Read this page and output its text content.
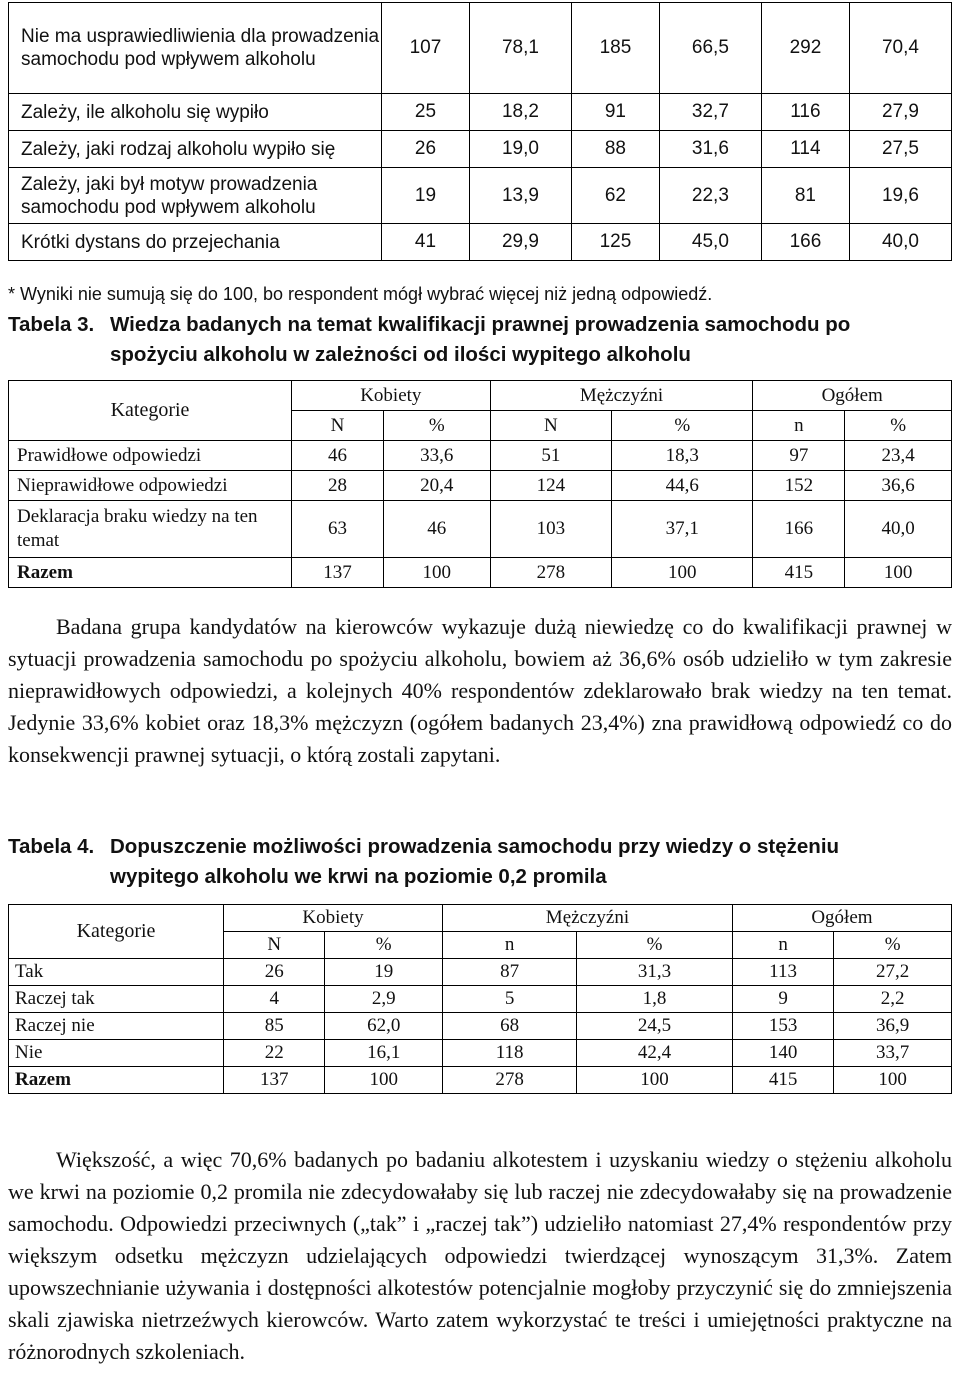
Nie ma usprawiedliwienia dla prowadzenia samochodu pod wpływem alkoholu	107	78,1	185	66,5	292	70,4
Zależy, ile alkoholu się wypiło	25	18,2	91	32,7	116	27,9
Zależy, jaki rodzaj alkoholu wypiło się	26	19,0	88	31,6	114	27,5
Zależy, jaki był motyw prowadzenia samochodu pod wpływem alkoholu	19	13,9	62	22,3	81	19,6
Krótki dystans do przejechania	41	29,9	125	45,0	166	40,0
* Wyniki nie sumują się do 100, bo respondent mógł wybrać więcej niż jedną odpowiedź.
Tabela 3. Wiedza badanych na temat kwalifikacji prawnej prowadzenia samochodu po
spożyciu alkoholu w zależności od ilości wypitego alkoholu
Kategorie	Kobiety		Mężczyźni		Ogółem	
	N	%	N	%	n	%
Prawidłowe odpowiedzi	46	33,6	51	18,3	97	23,4
Nieprawidłowe odpowiedzi	28	20,4	124	44,6	152	36,6
Deklaracja braku wiedzy na ten temat	63	46	103	37,1	166	40,0
Razem	137	100	278	100	415	100

Badana grupa kandydatów na kierowców wykazuje dużą niewiedzę co do kwalifikacji prawnej w sytuacji prowadzenia samochodu po spożyciu alkoholu, bowiem aż 36,6% osób udzieliło w tym zakresie nieprawidłowych odpowiedzi, a kolejnych 40% respondentów zdeklarowało brak wiedzy na ten temat. Jedynie 33,6% kobiet oraz 18,3% mężczyzn (ogółem badanych 23,4%) zna prawidłową odpowiedź co do konsekwencji prawnej sytuacji, o którą zostali zapytani.

Tabela 4. Dopuszczenie możliwości prowadzenia samochodu przy wiedzy o stężeniu
wypitego alkoholu we krwi na poziomie 0,2 promila
Kategorie	Kobiety		Mężczyźni		Ogółem	
	N	%	n	%	n	%
Tak	26	19	87	31,3	113	27,2
Raczej tak	4	2,9	5	1,8	9	2,2
Raczej nie	85	62,0	68	24,5	153	36,9
Nie	22	16,1	118	42,4	140	33,7
Razem	137	100	278	100	415	100

Większość, a więc 70,6% badanych po badaniu alkotestem i uzyskaniu wiedzy o stężeniu alkoholu we krwi na poziomie 0,2 promila nie zdecydowałaby się lub raczej nie zdecydowałaby się na prowadzenie samochodu. Odpowiedzi przeciwnych („tak” i „raczej tak”) udzieliło natomiast 27,4% respondentów przy większym odsetku mężczyzn udzielających odpowiedzi twierdzącej wynoszącym 31,3%. Zatem upowszechnianie używania i dostępności alkotestów potencjalnie mogłoby przyczynić się do zmniejszenia skali zjawiska nietrzeźwych kierowców. Warto zatem wykorzystać te treści i umiejętności praktyczne na różnorodnych szkoleniach.
